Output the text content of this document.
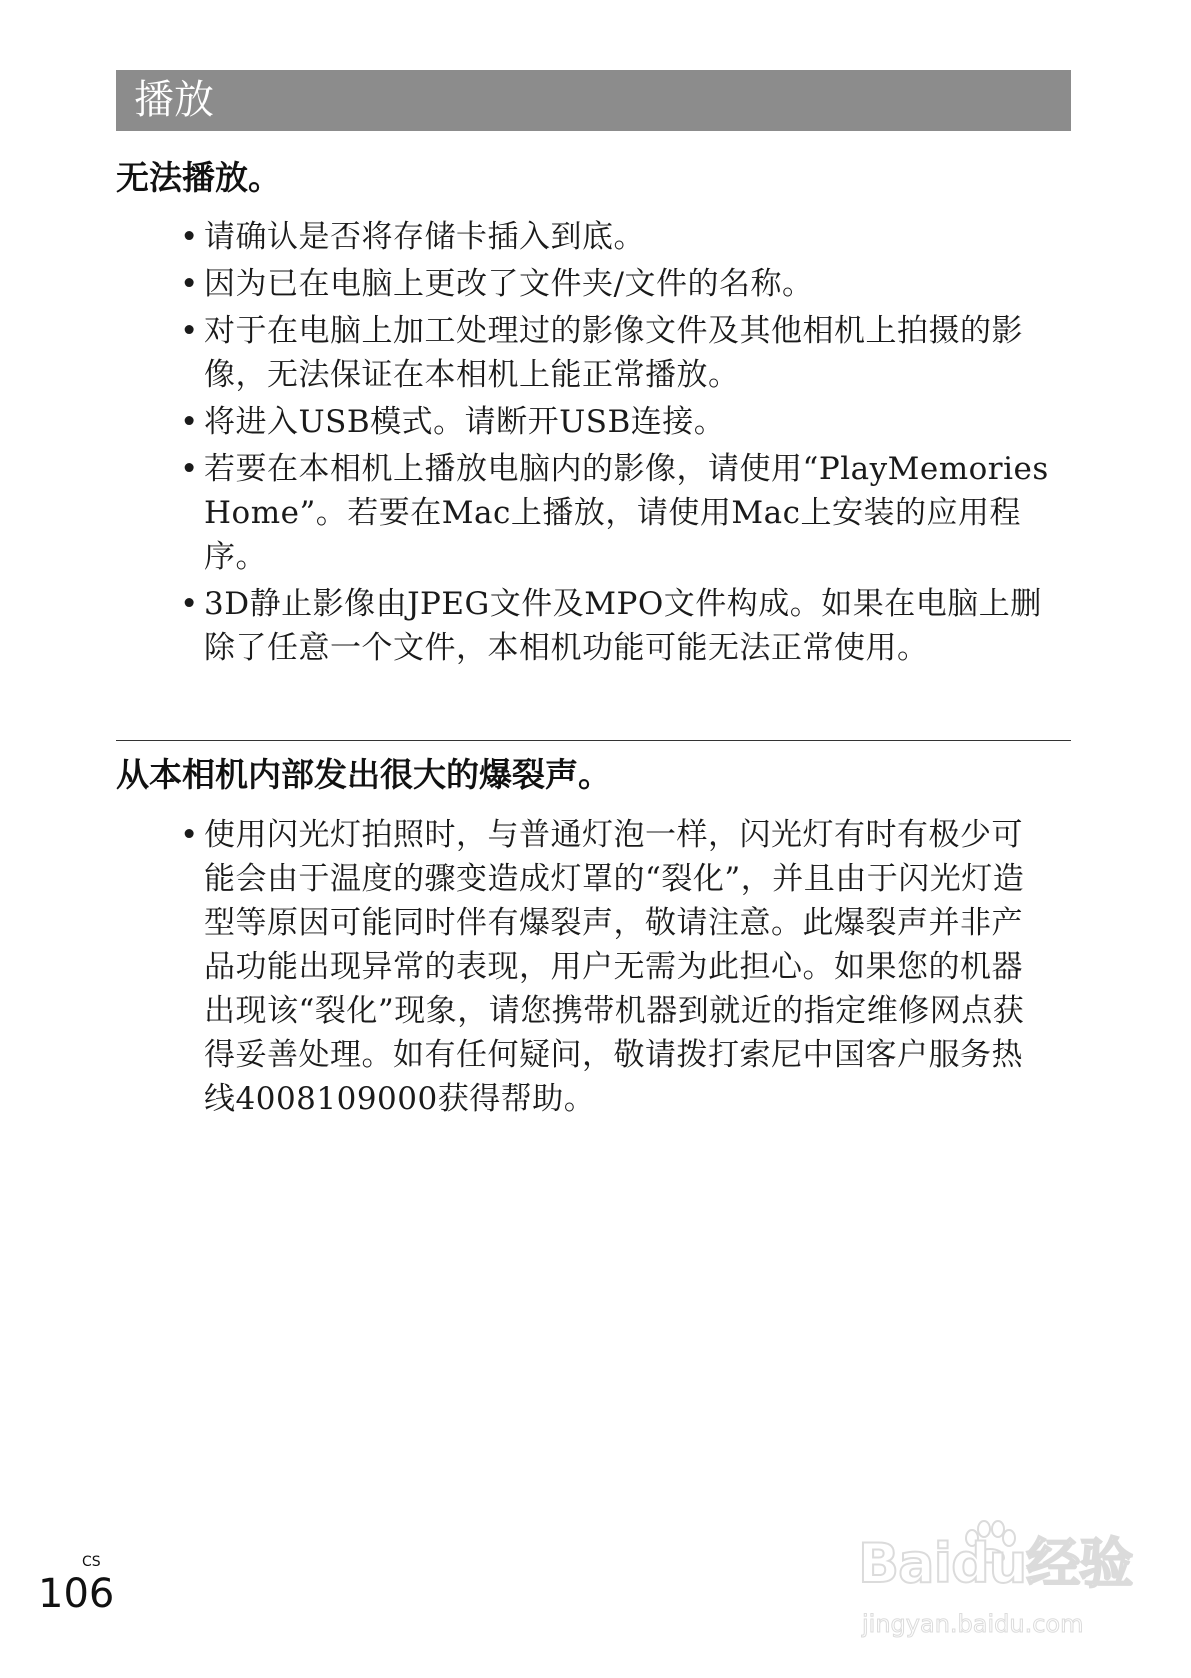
播放
无法播放。
• 请确认是否将存储卡插入到底。
• 因为已在电脑上更改了文件夹/文件的名称。
• 对于在电脑上加工处理过的影像文件及其他相机上拍摄的影像，无法保证在本相机上能正常播放。
• 将进入USB模式。请断开USB连接。
• 若要在本相机上播放电脑内的影像，请使用“PlayMemories Home”。若要在Mac上播放，请使用Mac上安装的应用程序。
• 3D静止影像由JPEG文件及MPO文件构成。如果在电脑上删除了任意一个文件，本相机功能可能无法正常使用。
从本相机内部发出很大的爆裂声。
• 使用闪光灯拍照时，与普通灯泡一样，闪光灯有时有极少可能会由于温度的骤变造成灯罩的“裂化”，并且由于闪光灯造型等原因可能同时伴有爆裂声，敬请注意。此爆裂声并非产品功能出现异常的表现，用户无需为此担心。如果您的机器出现该“裂化”现象，请您携带机器到就近的指定维修网点获得妥善处理。如有任何疑问，敬请拨打索尼中国客户服务热线4008109000获得帮助。
CS
106	Baidu经验
jingyan.baidu.com
